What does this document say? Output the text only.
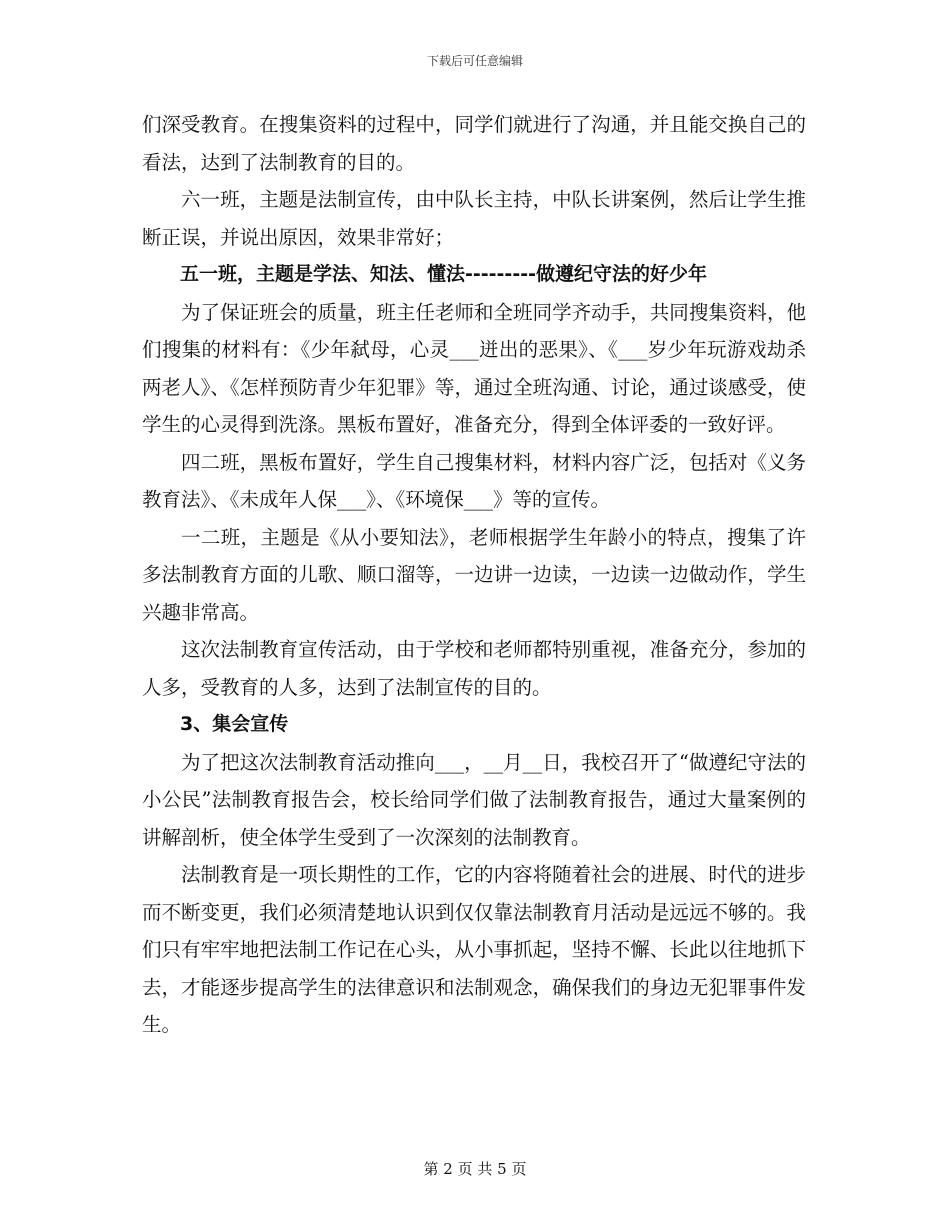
下载后可任意编辑

们深受教育。在搜集资料的过程中，同学们就进行了沟通，并且能交换自己的看法，达到了法制教育的目的。

六一班，主题是法制宣传，由中队长主持，中队长讲案例，然后让学生推断正误，并说出原因，效果非常好；

五一班，主题是学法、知法、懂法---------做遵纪守法的好少年

为了保证班会的质量，班主任老师和全班同学齐动手，共同搜集资料，他们搜集的材料有：《少年弑母，心灵___迸出的恶果》、《___岁少年玩游戏劫杀两老人》、《怎样预防青少年犯罪》等，通过全班沟通、讨论，通过谈感受，使学生的心灵得到洗涤。黑板布置好，准备充分，得到全体评委的一致好评。

四二班，黑板布置好，学生自己搜集材料，材料内容广泛，包括对《义务教育法》、《未成年人保___》、《环境保___》等的宣传。

一二班，主题是《从小要知法》，老师根据学生年龄小的特点，搜集了许多法制教育方面的儿歌、顺口溜等，一边讲一边读，一边读一边做动作，学生兴趣非常高。

这次法制教育宣传活动，由于学校和老师都特别重视，准备充分，参加的人多，受教育的人多，达到了法制宣传的目的。

3、集会宣传

为了把这次法制教育活动推向___，__月__日，我校召开了“做遵纪守法的小公民”法制教育报告会，校长给同学们做了法制教育报告，通过大量案例的讲解剖析，使全体学生受到了一次深刻的法制教育。

法制教育是一项长期性的工作，它的内容将随着社会的进展、时代的进步而不断变更，我们必须清楚地认识到仅仅靠法制教育月活动是远远不够的。我们只有牢牢地把法制工作记在心头，从小事抓起，坚持不懈、长此以往地抓下去，才能逐步提高学生的法律意识和法制观念，确保我们的身边无犯罪事件发生。

第 2 页 共 5 页
